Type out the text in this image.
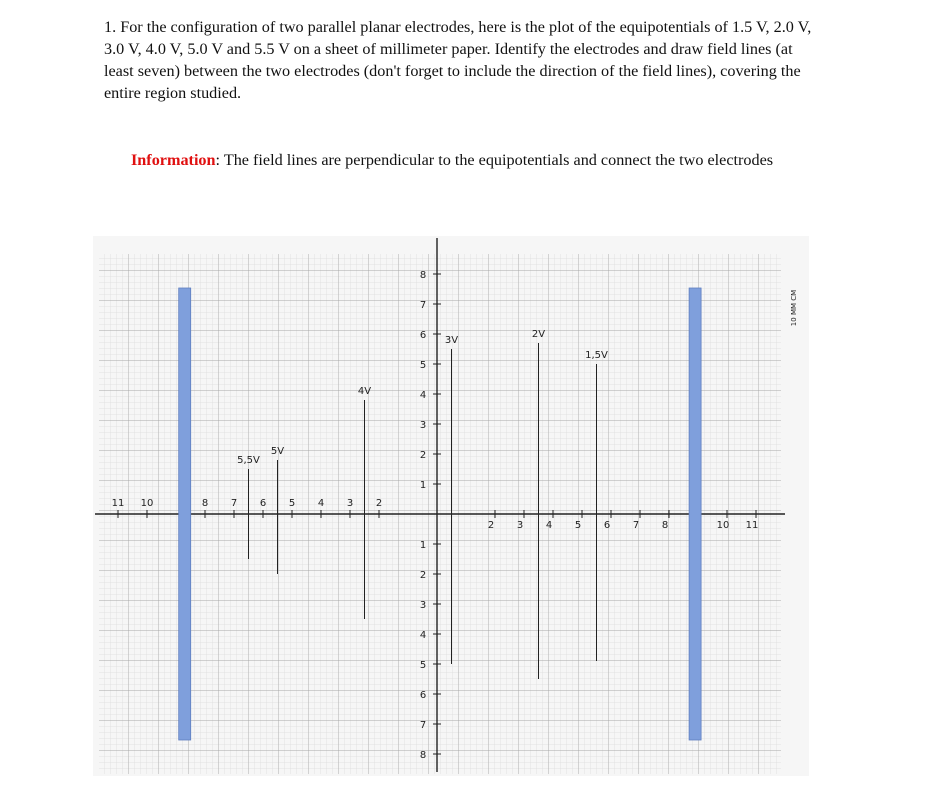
1. For the configuration of two parallel planar electrodes, here is the plot of the equipotentials of 1.5 V, 2.0 V, 3.0 V, 4.0 V, 5.0 V and 5.5 V on a sheet of millimeter paper. Identify the electrodes and draw field lines (at least seven) between the two electrodes (don't forget to include the direction of the field lines), covering the entire region studied.

Information: The field lines are perpendicular to the equipotentials and connect the two electrodes

10 MM CM
5,5V
5V
4V
3V
2V
1,5V
11 10	8 7 6 5 4 3 2
2 3 4 5 6 7 8	10 11
1
2
3
4
5
6
7
8
1
2
3
4
5
6
7
8
